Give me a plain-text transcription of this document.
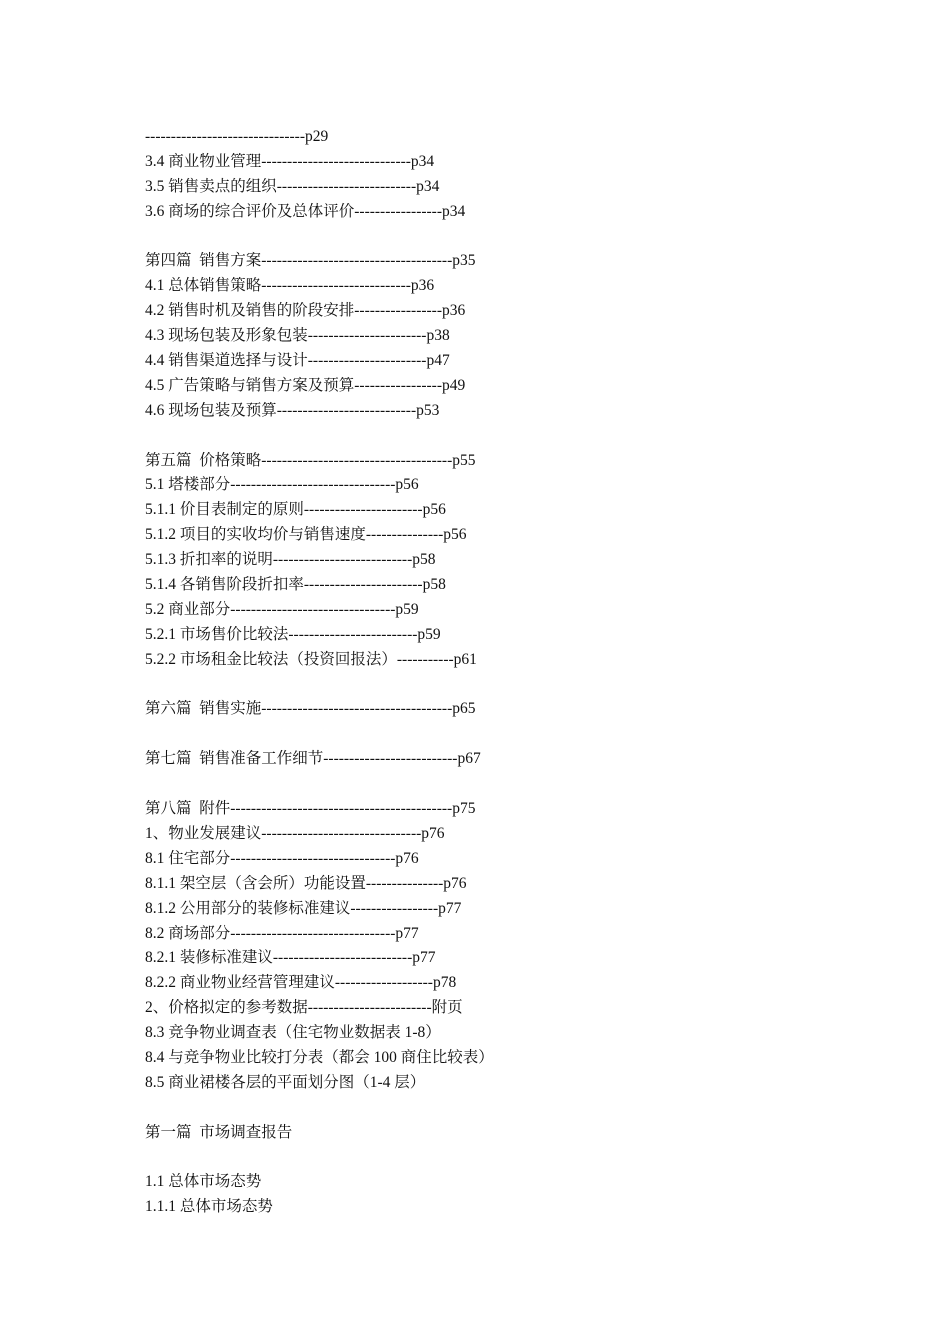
-------------------------------p29
3.4 商业物业管理-----------------------------p34
3.5 销售卖点的组织---------------------------p34
3.6 商场的综合评价及总体评价-----------------p34
第四篇  销售方案-------------------------------------p35
4.1 总体销售策略-----------------------------p36
4.2 销售时机及销售的阶段安排-----------------p36
4.3 现场包装及形象包装-----------------------p38
4.4 销售渠道选择与设计-----------------------p47
4.5 广告策略与销售方案及预算-----------------p49
4.6 现场包装及预算---------------------------p53
第五篇  价格策略-------------------------------------p55
5.1 塔楼部分--------------------------------p56
5.1.1 价目表制定的原则-----------------------p56
5.1.2 项目的实收均价与销售速度---------------p56
5.1.3 折扣率的说明---------------------------p58
5.1.4 各销售阶段折扣率-----------------------p58
5.2 商业部分--------------------------------p59
5.2.1 市场售价比较法-------------------------p59
5.2.2 市场租金比较法（投资回报法）-----------p61
第六篇  销售实施-------------------------------------p65
第七篇  销售准备工作细节--------------------------p67
第八篇  附件-------------------------------------------p75
1、物业发展建议-------------------------------p76
8.1 住宅部分--------------------------------p76
8.1.1 架空层（含会所）功能设置---------------p76
8.1.2 公用部分的装修标准建议-----------------p77
8.2 商场部分--------------------------------p77
8.2.1 装修标准建议---------------------------p77
8.2.2 商业物业经营管理建议-------------------p78
2、价格拟定的参考数据------------------------附页
8.3 竞争物业调查表（住宅物业数据表 1-8）
8.4 与竞争物业比较打分表（都会 100 商住比较表）
8.5 商业裙楼各层的平面划分图（1-4 层）
第一篇  市场调查报告
1.1 总体市场态势
1.1.1 总体市场态势
